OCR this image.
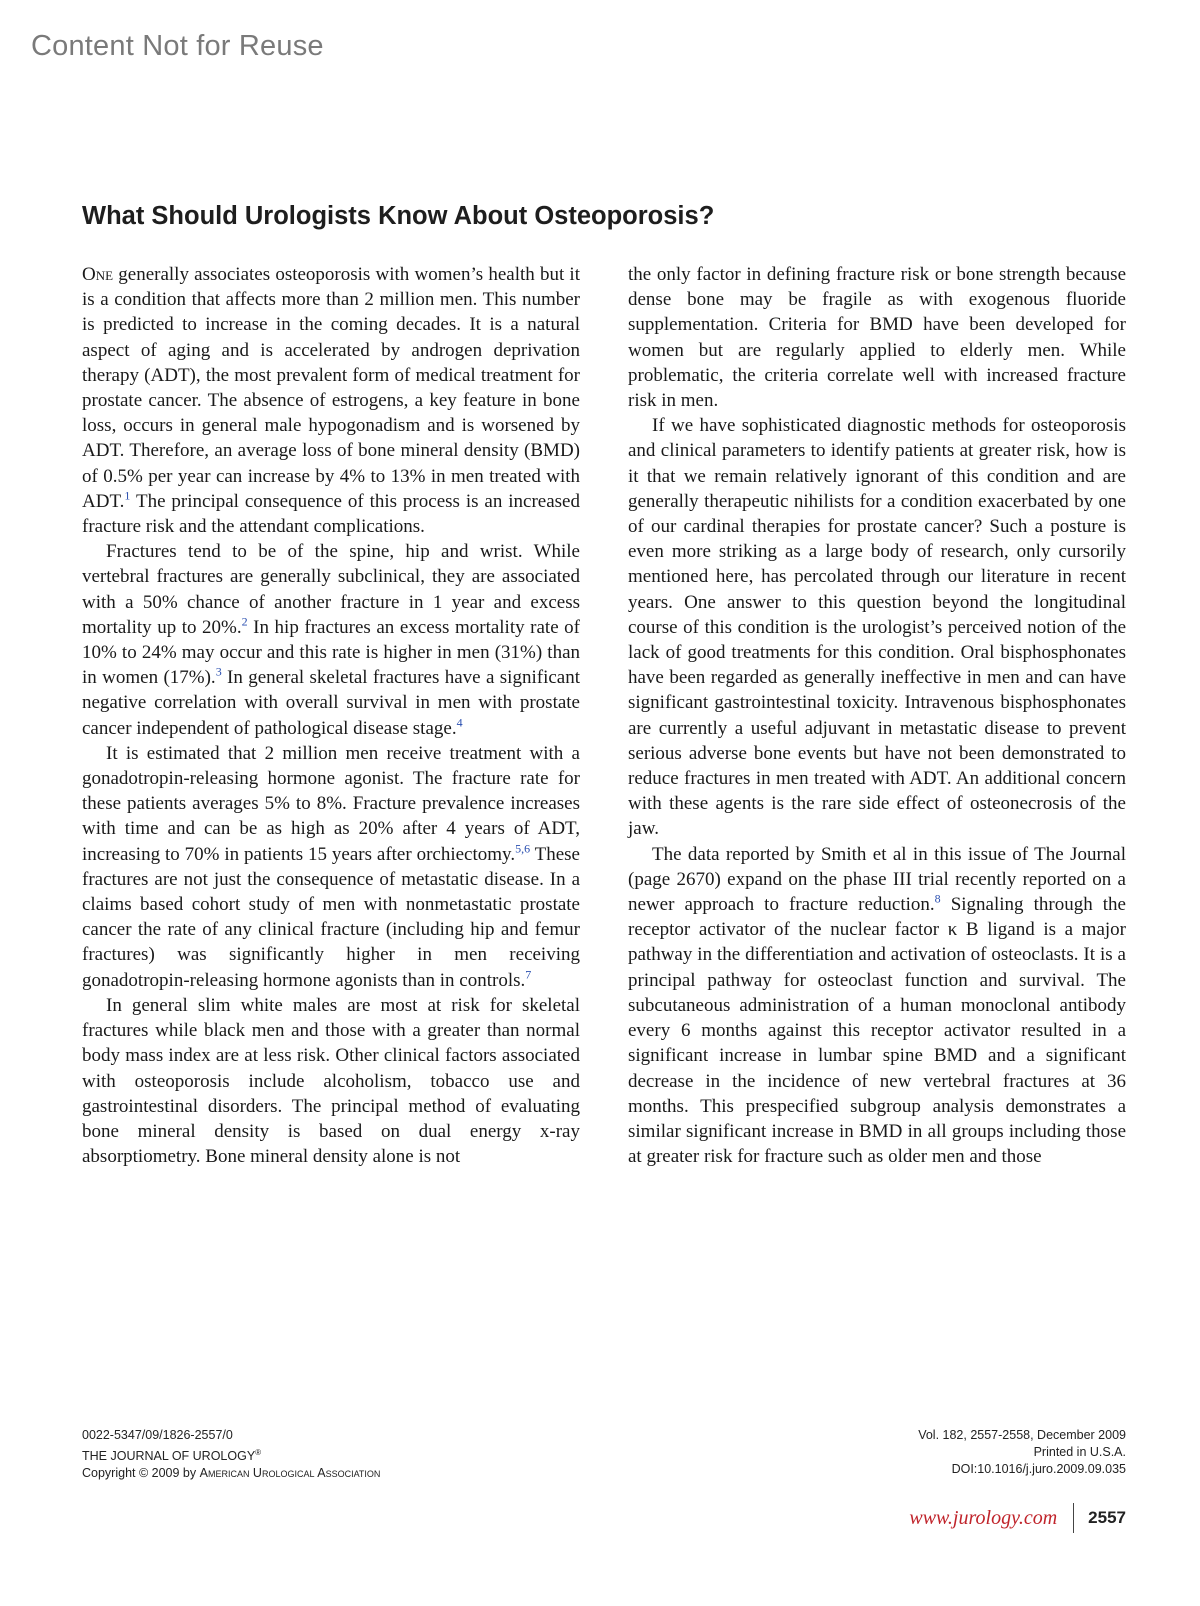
Content Not for Reuse
What Should Urologists Know About Osteoporosis?

One generally associates osteoporosis with women’s health but it is a condition that affects more than 2 million men. This number is predicted to increase in the coming decades. It is a natural aspect of aging and is accelerated by androgen deprivation therapy (ADT), the most prevalent form of medical treatment for prostate cancer. The absence of estrogens, a key feature in bone loss, occurs in general male hypogonadism and is worsened by ADT. Therefore, an average loss of bone mineral density (BMD) of 0.5% per year can increase by 4% to 13% in men treated with ADT.$^1$ The principal consequence of this process is an increased fracture risk and the attendant complications.

Fractures tend to be of the spine, hip and wrist. While vertebral fractures are generally subclinical, they are associated with a 50% chance of another fracture in 1 year and excess mortality up to 20%.$^2$ In hip fractures an excess mortality rate of 10% to 24% may occur and this rate is higher in men (31%) than in women (17%).$^3$ In general skeletal fractures have a significant negative correlation with overall survival in men with prostate cancer independent of pathological disease stage.$^4$

It is estimated that 2 million men receive treatment with a gonadotropin-releasing hormone agonist. The fracture rate for these patients averages 5% to 8%. Fracture prevalence increases with time and can be as high as 20% after 4 years of ADT, increasing to 70% in patients 15 years after orchiectomy.$^{5,6}$ These fractures are not just the consequence of metastatic disease. In a claims based cohort study of men with nonmetastatic prostate cancer the rate of any clinical fracture (including hip and femur fractures) was significantly higher in men receiving gonadotropin-releasing hormone agonists than in controls.$^7$

In general slim white males are most at risk for skeletal fractures while black men and those with a greater than normal body mass index are at less risk. Other clinical factors associated with osteoporosis include alcoholism, tobacco use and gastrointestinal disorders. The principal method of evaluating bone mineral density is based on dual energy x-ray absorptiometry. Bone mineral density alone is not

the only factor in defining fracture risk or bone strength because dense bone may be fragile as with exogenous fluoride supplementation. Criteria for BMD have been developed for women but are regularly applied to elderly men. While problematic, the criteria correlate well with increased fracture risk in men.

If we have sophisticated diagnostic methods for osteoporosis and clinical parameters to identify patients at greater risk, how is it that we remain relatively ignorant of this condition and are generally therapeutic nihilists for a condition exacerbated by one of our cardinal therapies for prostate cancer? Such a posture is even more striking as a large body of research, only cursorily mentioned here, has percolated through our literature in recent years. One answer to this question beyond the longitudinal course of this condition is the urologist’s perceived notion of the lack of good treatments for this condition. Oral bisphosphonates have been regarded as generally ineffective in men and can have significant gastrointestinal toxicity. Intravenous bisphosphonates are currently a useful adjuvant in metastatic disease to prevent serious adverse bone events but have not been demonstrated to reduce fractures in men treated with ADT. An additional concern with these agents is the rare side effect of osteonecrosis of the jaw.

The data reported by Smith et al in this issue of The Journal (page 2670) expand on the phase III trial recently reported on a newer approach to fracture reduction.$^8$ Signaling through the receptor activator of the nuclear factor κ B ligand is a major pathway in the differentiation and activation of osteoclasts. It is a principal pathway for osteoclast function and survival. The subcutaneous administration of a human monoclonal antibody every 6 months against this receptor activator resulted in a significant increase in lumbar spine BMD and a significant decrease in the incidence of new vertebral fractures at 36 months. This prespecified subgroup analysis demonstrates a similar significant increase in BMD in all groups including those at greater risk for fracture such as older men and those

0022-5347/09/1826-2557/0
THE JOURNAL OF UROLOGY®
Copyright © 2009 by American Urological Association
Vol. 182, 2557-2558, December 2009
Printed in U.S.A.
DOI:10.1016/j.juro.2009.09.035
www.jurology.com 2557
